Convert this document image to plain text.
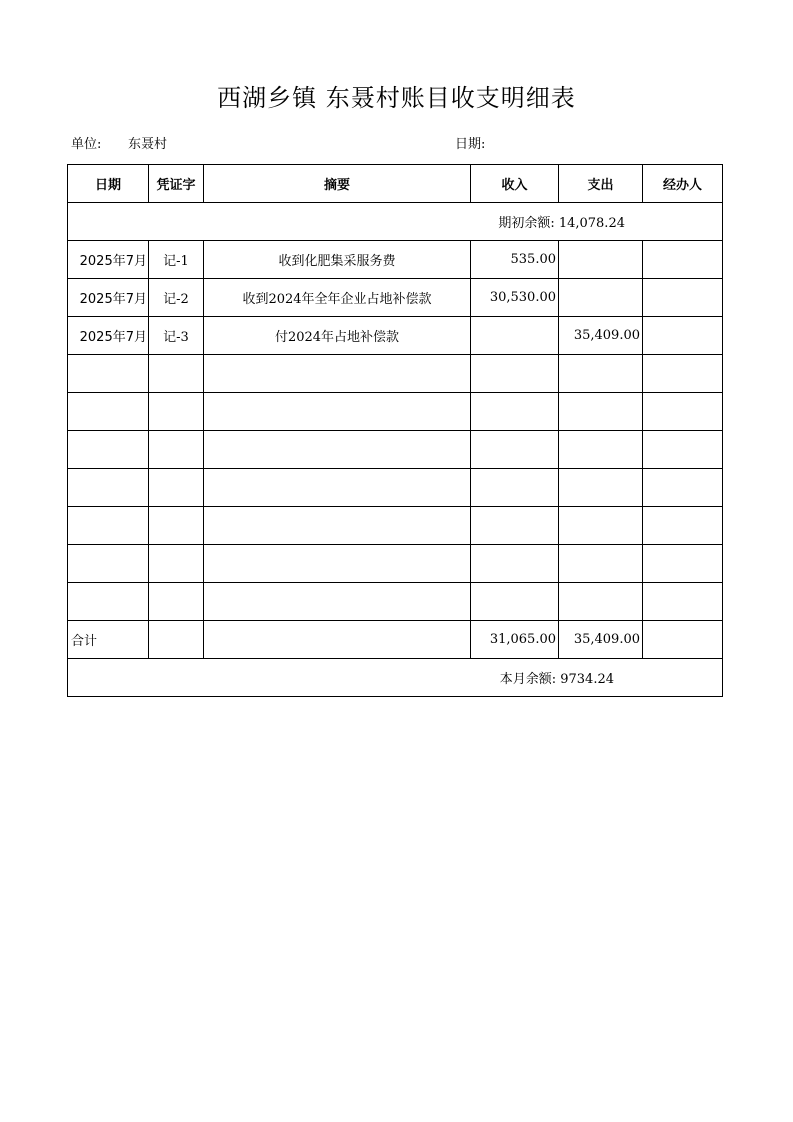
西湖乡镇 东聂村账目收支明细表
单位: 东聂村	日期:
日期	凭证字	摘要	收入	支出	经办人
期初余额: 14,078.24					
2025年7月	记-1	收到化肥集采服务费	535.00		
2025年7月	记-2	收到2024年全年企业占地补偿款	30,530.00		
2025年7月	记-3	付2024年占地补偿款		35,409.00	

合计			31,065.00	35,409.00	
本月余额: 9734.24					
